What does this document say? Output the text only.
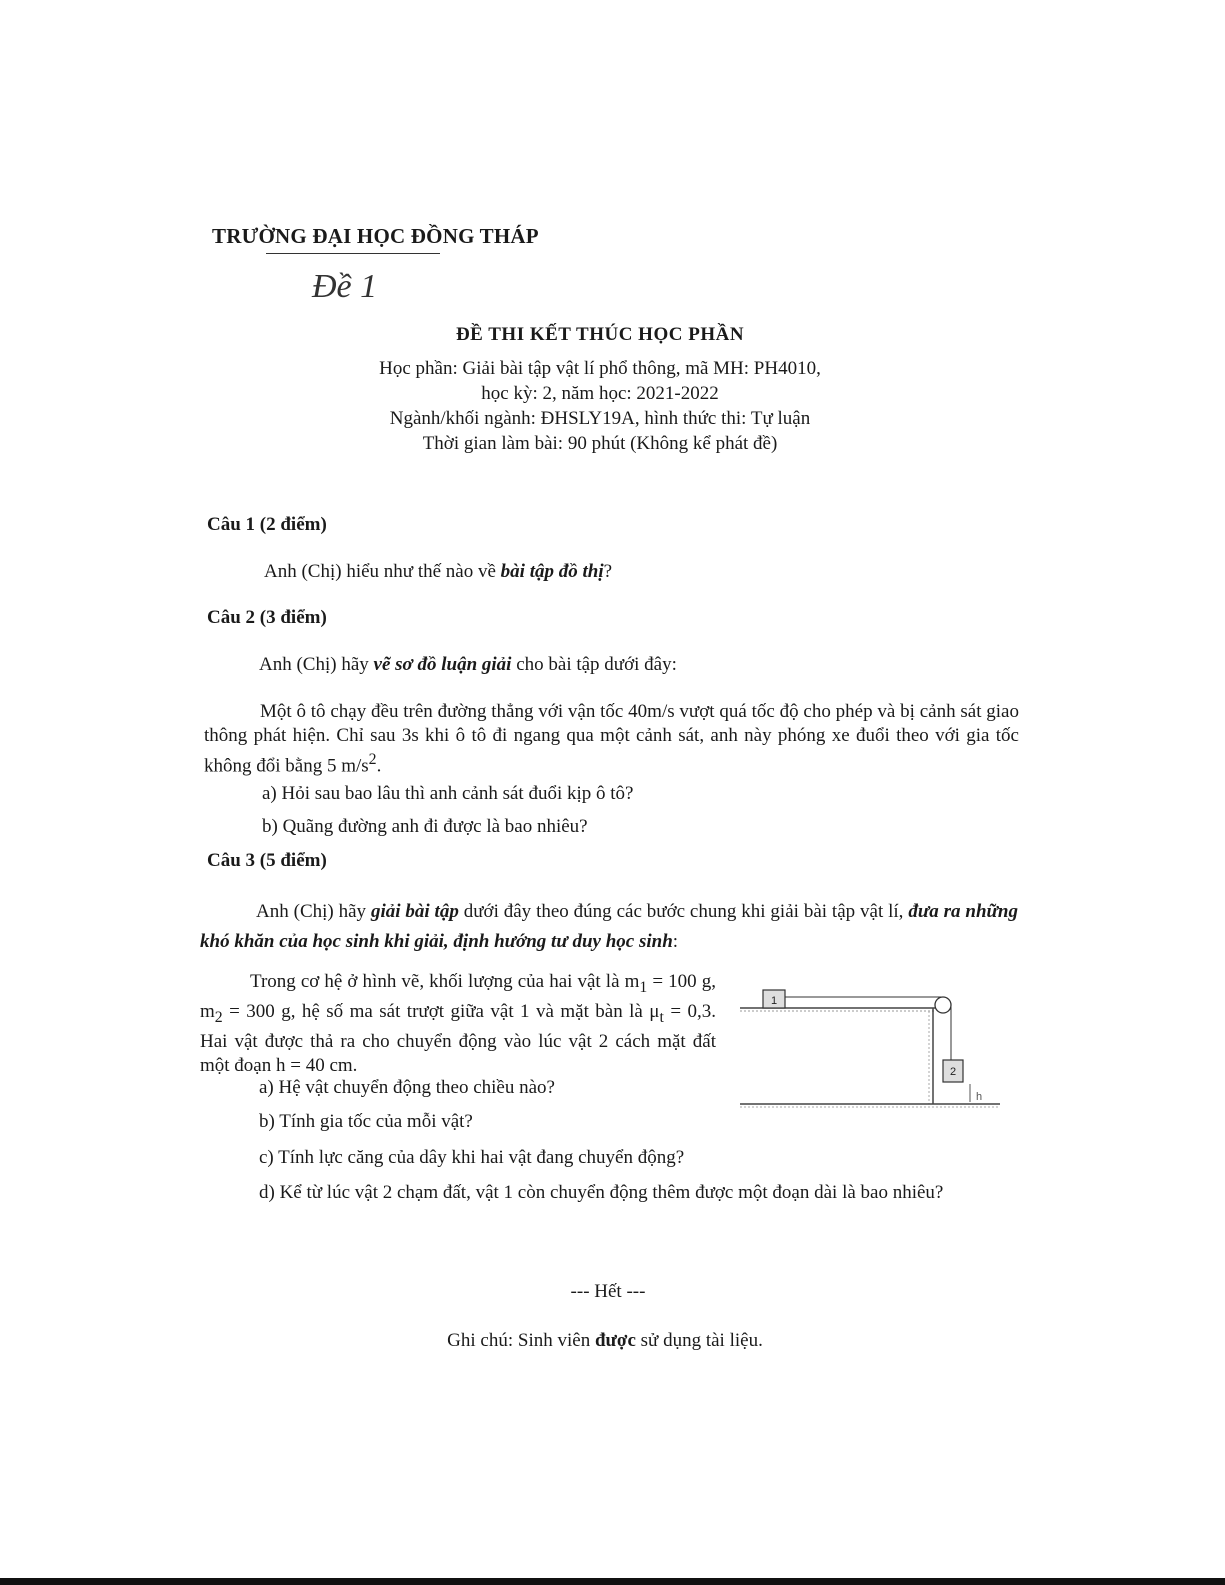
TRƯỜNG ĐẠI HỌC ĐỒNG THÁP
Đề 1
ĐỀ THI KẾT THÚC HỌC PHẦN
Học phần: Giải bài tập vật lí phổ thông, mã MH: PH4010,
học kỳ: 2, năm học: 2021-2022
Ngành/khối ngành: ĐHSLY19A, hình thức thi: Tự luận
Thời gian làm bài: 90 phút (Không kể phát đề)
Câu 1 (2 điểm)
Anh (Chị) hiểu như thế nào về bài tập đồ thị?
Câu 2 (3 điểm)
Anh (Chị) hãy vẽ sơ đồ luận giải cho bài tập dưới đây:
Một ô tô chạy đều trên đường thẳng với vận tốc 40m/s vượt quá tốc độ cho phép và bị cảnh sát giao thông phát hiện. Chỉ sau 3s khi ô tô đi ngang qua một cảnh sát, anh này phóng xe đuổi theo với gia tốc không đổi bằng 5 $m/s^2$.
a) Hỏi sau bao lâu thì anh cảnh sát đuổi kịp ô tô?
b) Quãng đường anh đi được là bao nhiêu?
Câu 3 (5 điểm)
Anh (Chị) hãy giải bài tập dưới đây theo đúng các bước chung khi giải bài tập vật lí, đưa ra những khó khăn của học sinh khi giải, định hướng tư duy học sinh:
Trong cơ hệ ở hình vẽ, khối lượng của hai vật là $m_1 = 100$ g, $m_2 = 300$ g, hệ số ma sát trượt giữa vật 1 và mặt bàn là $\mu_t = 0,3$. Hai vật được thả ra cho chuyển động vào lúc vật 2 cách mặt đất một đoạn h = 40 cm.
a) Hệ vật chuyển động theo chiều nào?
b) Tính gia tốc của mỗi vật?
c) Tính lực căng của dây khi hai vật đang chuyển động?
d) Kể từ lúc vật 2 chạm đất, vật 1 còn chuyển động thêm được một đoạn dài là bao nhiêu?
1
2
h
--- Hết ---
Ghi chú: Sinh viên được sử dụng tài liệu.
